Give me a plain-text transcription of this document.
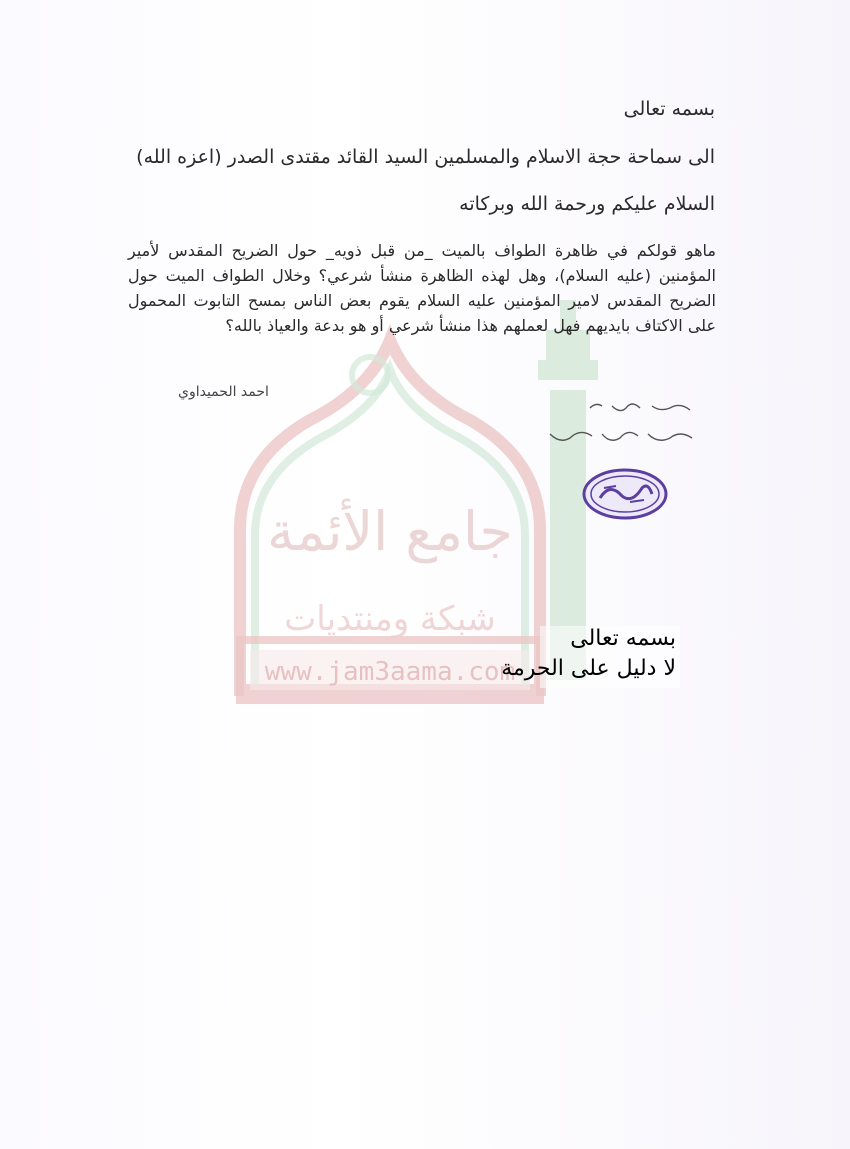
جامع الأئمة
شبكة ومنتديات
www.jam3aama.com
بسمه تعالى
الى سماحة حجة الاسلام والمسلمين السيد القائد مقتدى الصدر (اعزه الله)
السلام عليكم ورحمة الله وبركاته
ماهو قولكم في ظاهرة الطواف بالميت _من قبل ذويه_ حول الضريح المقدس لأمير المؤمنين (عليه السلام)، وهل لهذه الظاهرة منشأ شرعي؟ وخلال الطواف الميت حول الضريح المقدس لامير المؤمنين عليه السلام يقوم بعض الناس بمسح التابوت المحمول على الاكتاف بايديهم فهل لعملهم هذا منشأ شرعي أو هو بدعة والعياذ بالله؟
احمد الحميداوي
بسمه تعالى
لا دليل على الحرمة
